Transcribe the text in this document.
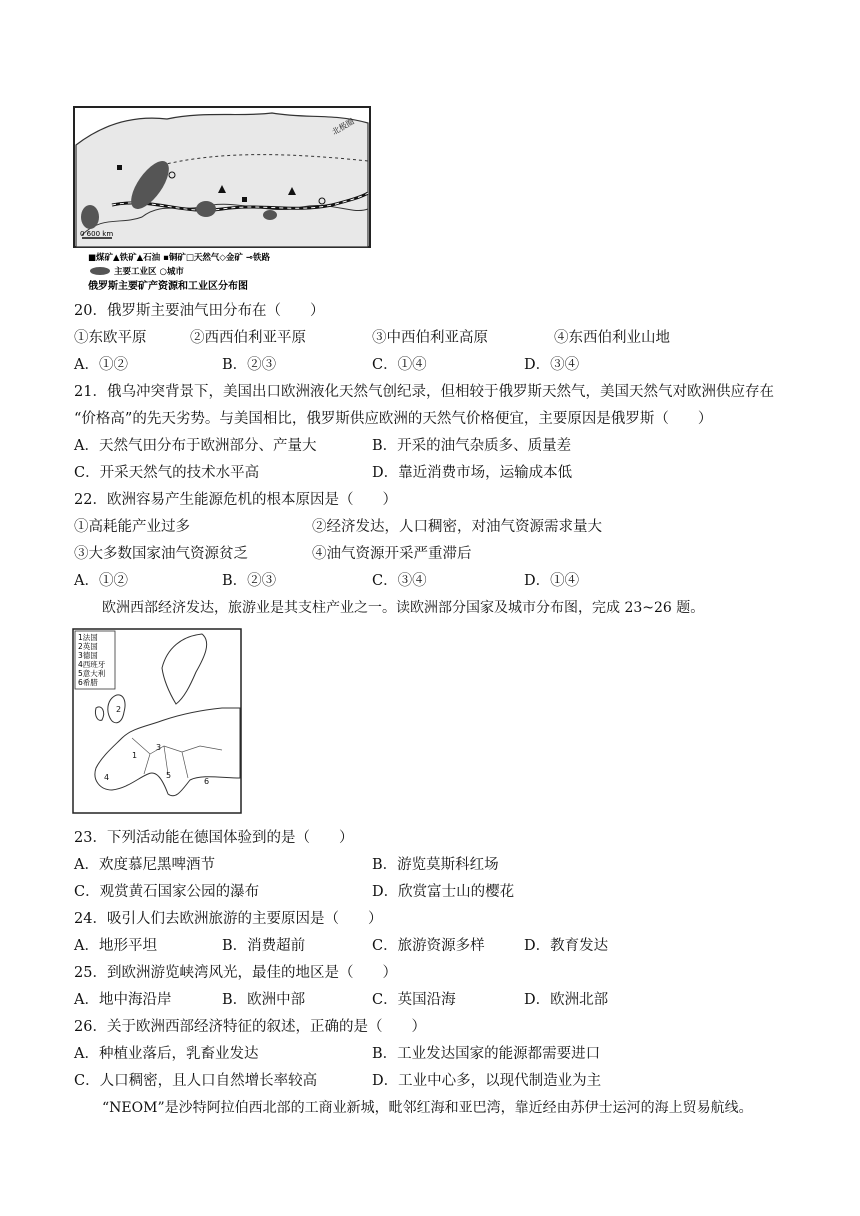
北极圈
0 600 km
■煤矿▲铁矿▲石油 ▪铜矿□天然气◇金矿 ⊸铁路
主要工业区 ○城市
俄罗斯主要矿产资源和工业区分布图
20．俄罗斯主要油气田分布在（　　）
①东欧平原	②西西伯利亚平原	③中西伯利亚高原	④东西伯利业山地
A．①②	B．②③	C．①④	D．③④
21．俄乌冲突背景下，美国出口欧洲液化天然气创纪录，但相较于俄罗斯天然气，美国天然气对欧洲供应存在
“价格高”的先天劣势。与美国相比，俄罗斯供应欧洲的天然气价格便宜，主要原因是俄罗斯（　　）
A．天然气田分布于欧洲部分、产量大	B．开采的油气杂质多、质量差
C．开采天然气的技术水平高	D．靠近消费市场，运输成本低
22．欧洲容易产生能源危机的根本原因是（　　）
①高耗能产业过多	②经济发达，人口稠密，对油气资源需求量大
③大多数国家油气资源贫乏	④油气资源开采严重滞后
A．①②	B．②③	C．③④	D．①④
欧洲西部经济发达，旅游业是其支柱产业之一。读欧洲部分国家及城市分布图，完成 23~26 题。
3
1
2
4	5
6
1法国
2英国
3德国
4西班牙
5意大利
6希腊
23．下列活动能在德国体验到的是（　　）
A．欢度慕尼黑啤酒节	B．游览莫斯科红场
C．观赏黄石国家公园的瀑布	D．欣赏富士山的樱花
24．吸引人们去欧洲旅游的主要原因是（　　）
A．地形平坦	B．消费超前	C．旅游资源多样	D．教育发达
25．到欧洲游览峡湾风光，最佳的地区是（　　）
A．地中海沿岸	B．欧洲中部	C．英国沿海	D．欧洲北部
26．关于欧洲西部经济特征的叙述，正确的是（　　）
A．种植业落后，乳畜业发达	B．工业发达国家的能源都需要进口
C．人口稠密，且人口自然增长率较高	D．工业中心多，以现代制造业为主
“NEOM”是沙特阿拉伯西北部的工商业新城，毗邻红海和亚巴湾，靠近经由苏伊士运河的海上贸易航线。
